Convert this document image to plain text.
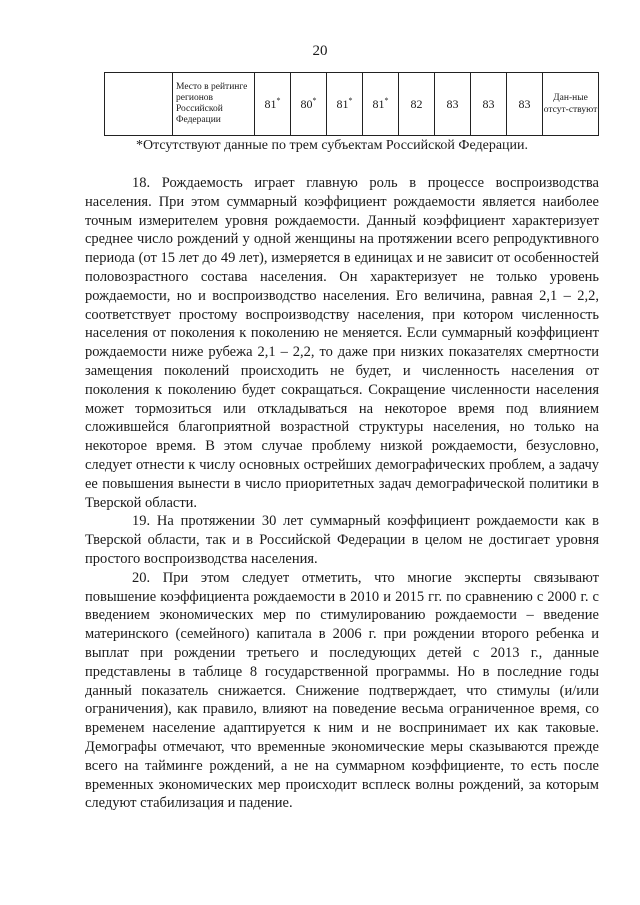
20
	Место в рейтинге регионов Российской Федерации	81*	80*	81*	81*	82	83	83	83	Дан-ные отсут-ствуют
*Отсутствуют данные по трем субъектам Российской Федерации.

18. Рождаемость играет главную роль в процессе воспроизводства населения. При этом суммарный коэффициент рождаемости является наиболее точным измерителем уровня рождаемости. Данный коэффициент характеризует среднее число рождений у одной женщины на протяжении всего репродуктивного периода (от 15 лет до 49 лет), измеряется в единицах и не зависит от особенностей половозрастного состава населения. Он характеризует не только уровень рождаемости, но и воспроизводство населения. Его величина, равная 2,1 – 2,2, соответствует простому воспроизводству населения, при котором численность населения от поколения к поколению не меняется. Если суммарный коэффициент рождаемости ниже рубежа 2,1 – 2,2, то даже при низких показателях смертности замещения поколений происходить не будет, и численность населения от поколения к поколению будет сокращаться. Сокращение численности населения может тормозиться или откладываться на некоторое время под влиянием сложившейся благоприятной возрастной структуры населения, но только на некоторое время. В этом случае проблему низкой рождаемости, безусловно, следует отнести к числу основных острейших демографических проблем, а задачу ее повышения вынести в число приоритетных задач демографической политики в Тверской области.

19. На протяжении 30 лет суммарный коэффициент рождаемости как в Тверской области, так и в Российской Федерации в целом не достигает уровня простого воспроизводства населения.

20. При этом следует отметить, что многие эксперты связывают повышение коэффициента рождаемости в 2010 и 2015 гг. по сравнению с 2000 г. с введением экономических мер по стимулированию рождаемости – введение материнского (семейного) капитала в 2006 г. при рождении второго ребенка и выплат при рождении третьего и последующих детей с 2013 г., данные представлены в таблице 8 государственной программы. Но в последние годы данный показатель снижается. Снижение подтверждает, что стимулы (и/или ограничения), как правило, влияют на поведение весьма ограниченное время, со временем население адаптируется к ним и не воспринимает их как таковые. Демографы отмечают, что временные экономические меры сказываются прежде всего на тайминге рождений, а не на суммарном коэффициенте, то есть после временных экономических мер происходит всплеск волны рождений, за которым следуют стабилизация и падение.
